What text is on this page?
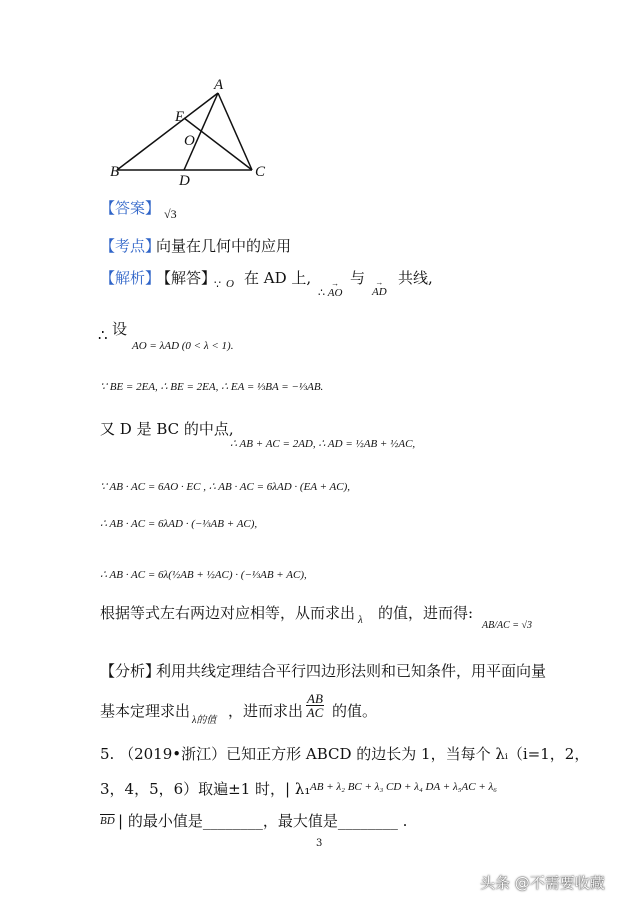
A
E
O
B
D
C
【答案】 √3
【考点】
向量在几何中的应用
【解析】
【解答】
∵ O 在 AD 上,
∴ → AO
与
→ AD
共线,
∴ 设
AO = λAD (0 < λ < 1).
∵ BE = 2EA, ∴ BE = 2EA, ∴ EA = ⅓BA = −⅓AB.
又 D 是 BC 的中点,
∴ AB + AC = 2AD, ∴ AD = ½AB + ½AC,
∵ AB · AC = 6AO · EC , ∴ AB · AC = 6λAD · (EA + AC),
∴ AB · AC = 6λAD · (−⅓AB + AC),
∴ AB · AC = 6λ(½AB + ½AC) · (−⅓AB + AC),
根据等式左右两边对应相等，从而求出 λ 的值，进而得:
AB/AC = √3
【分析】
利用共线定理结合平行四边形法则和已知条件，用平面向量
基本定理求出
λ的值
，进而求出 $\frac{AB}{AC}$ 的值。
5. （2019•浙江）已知正方形 ABCD 的边长为 1，当每个 λᵢ（i=1，2，
3，4，5，6）取遍±1 时，| λ₁ AB + λ₂ BC + λ₃ CD + λ₄ DA + λ₅AC + λ₆
$\overline{BD}$ | 的最小值是________，最大值是________ .
3
头条 @不需要收藏
